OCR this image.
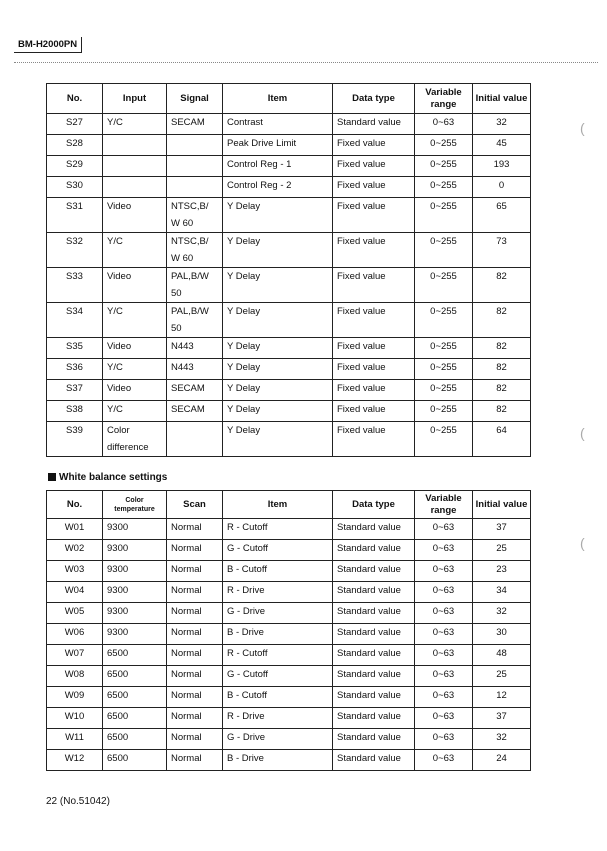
BM-H2000PN
No.	Input	Signal	Item	Data type	Variable range	Initial value
S27	Y/C	SECAM	Contrast	Standard value	0~63	32
S28			Peak Drive Limit	Fixed value	0~255	45
S29			Control Reg - 1	Fixed value	0~255	193
S30			Control Reg - 2	Fixed value	0~255	0
S31	Video	NTSC,B/ W 60	Y Delay	Fixed value	0~255	65
S32	Y/C	NTSC,B/ W 60	Y Delay	Fixed value	0~255	73
S33	Video	PAL,B/W 50	Y Delay	Fixed value	0~255	82
S34	Y/C	PAL,B/W 50	Y Delay	Fixed value	0~255	82
S35	Video	N443	Y Delay	Fixed value	0~255	82
S36	Y/C	N443	Y Delay	Fixed value	0~255	82
S37	Video	SECAM	Y Delay	Fixed value	0~255	82
S38	Y/C	SECAM	Y Delay	Fixed value	0~255	82
S39	Color difference		Y Delay	Fixed value	0~255	64
White balance settings
No.	Color temperature	Scan	Item	Data type	Variable range	Initial value
W01	9300	Normal	R - Cutoff	Standard value	0~63	37
W02	9300	Normal	G - Cutoff	Standard value	0~63	25
W03	9300	Normal	B - Cutoff	Standard value	0~63	23
W04	9300	Normal	R - Drive	Standard value	0~63	34
W05	9300	Normal	G - Drive	Standard value	0~63	32
W06	9300	Normal	B - Drive	Standard value	0~63	30
W07	6500	Normal	R - Cutoff	Standard value	0~63	48
W08	6500	Normal	G - Cutoff	Standard value	0~63	25
W09	6500	Normal	B - Cutoff	Standard value	0~63	12
W10	6500	Normal	R - Drive	Standard value	0~63	37
W11	6500	Normal	G - Drive	Standard value	0~63	32
W12	6500	Normal	B - Drive	Standard value	0~63	24
22 (No.51042)
(
(
(
